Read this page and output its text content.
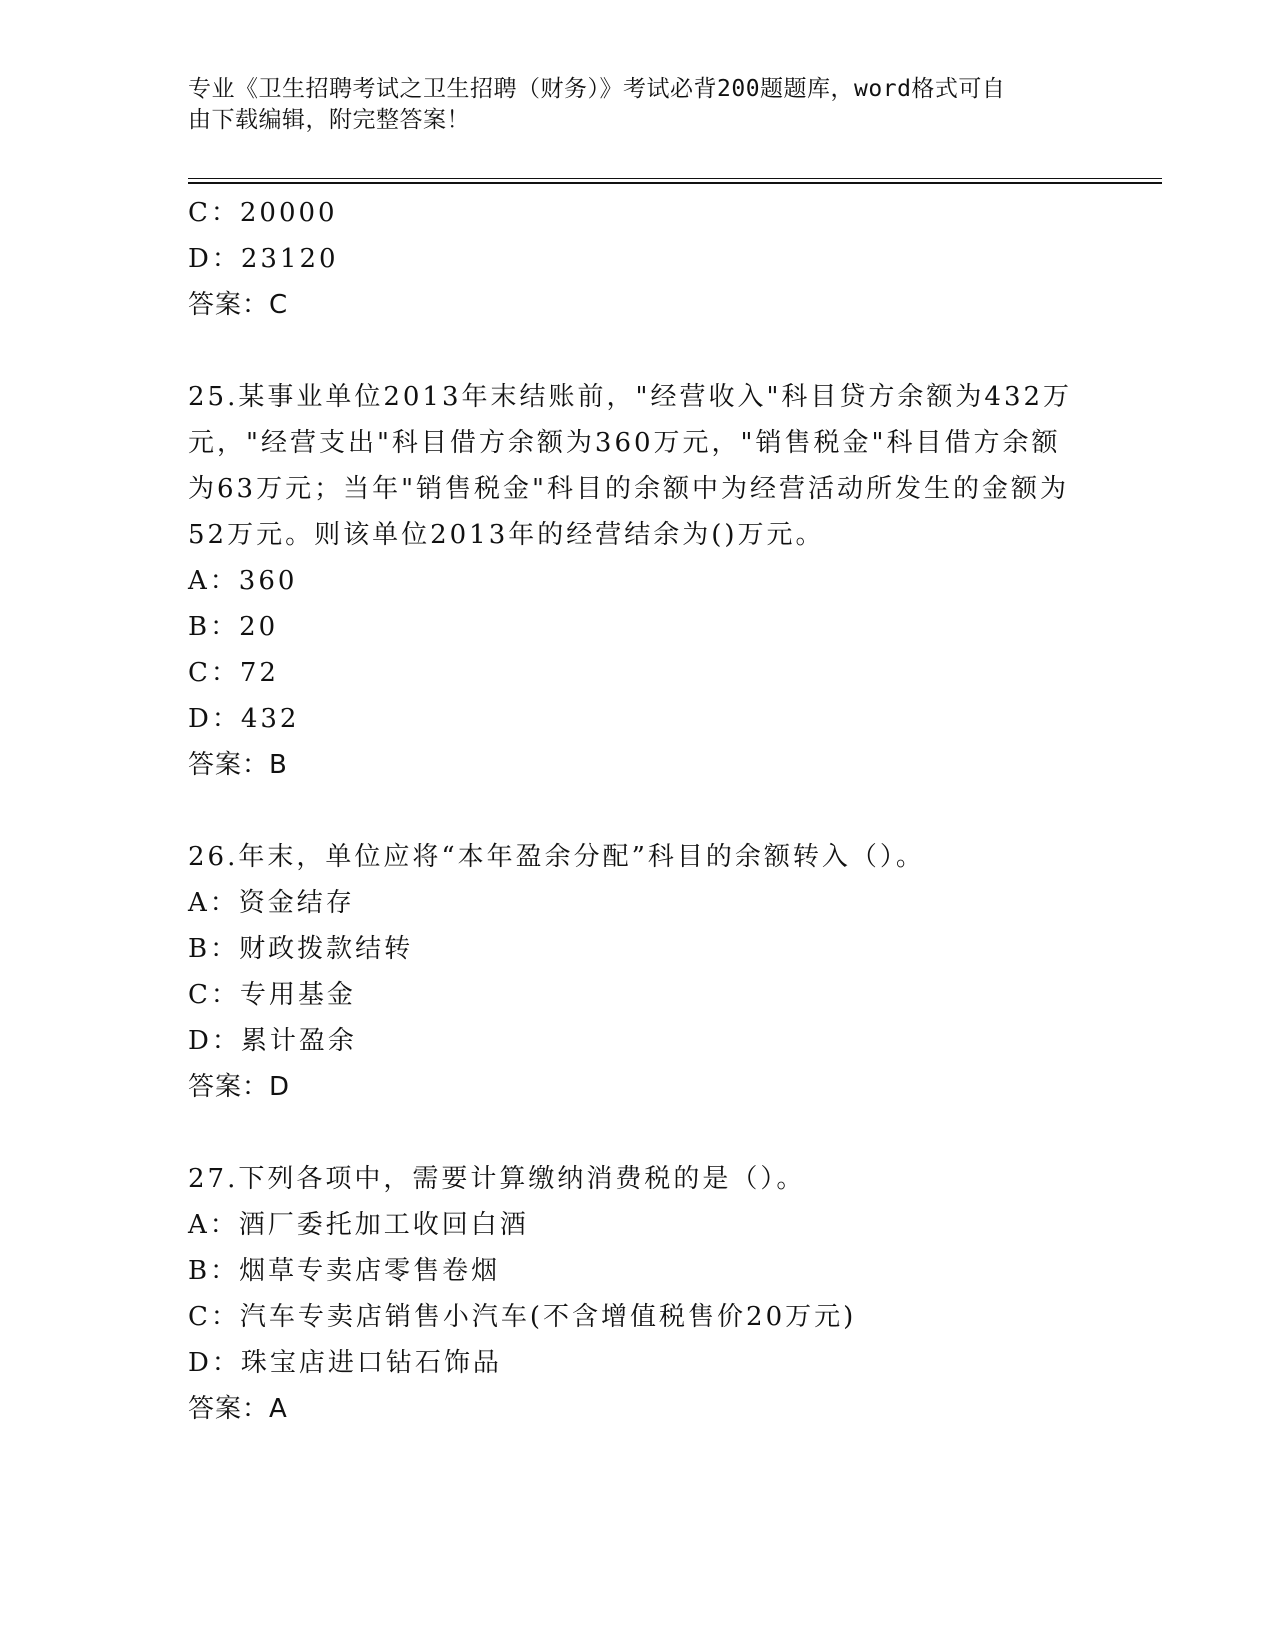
专业《卫生招聘考试之卫生招聘（财务）》考试必背200题题库，word格式可自
由下载编辑，附完整答案！
C：20000
D：23120
答案：C
25.某事业单位2013年末结账前，"经营收入"科目贷方余额为432万
元，"经营支出"科目借方余额为360万元，"销售税金"科目借方余额
为63万元；当年"销售税金"科目的余额中为经营活动所发生的金额为
52万元。则该单位2013年的经营结余为()万元。
A：360
B：20
C：72
D：432
答案：B
26.年末，单位应将“本年盈余分配”科目的余额转入（）。
A：资金结存
B：财政拨款结转
C：专用基金
D：累计盈余
答案：D
27.下列各项中，需要计算缴纳消费税的是（）。
A：酒厂委托加工收回白酒
B：烟草专卖店零售卷烟
C：汽车专卖店销售小汽车(不含增值税售价20万元)
D：珠宝店进口钻石饰品
答案：A
